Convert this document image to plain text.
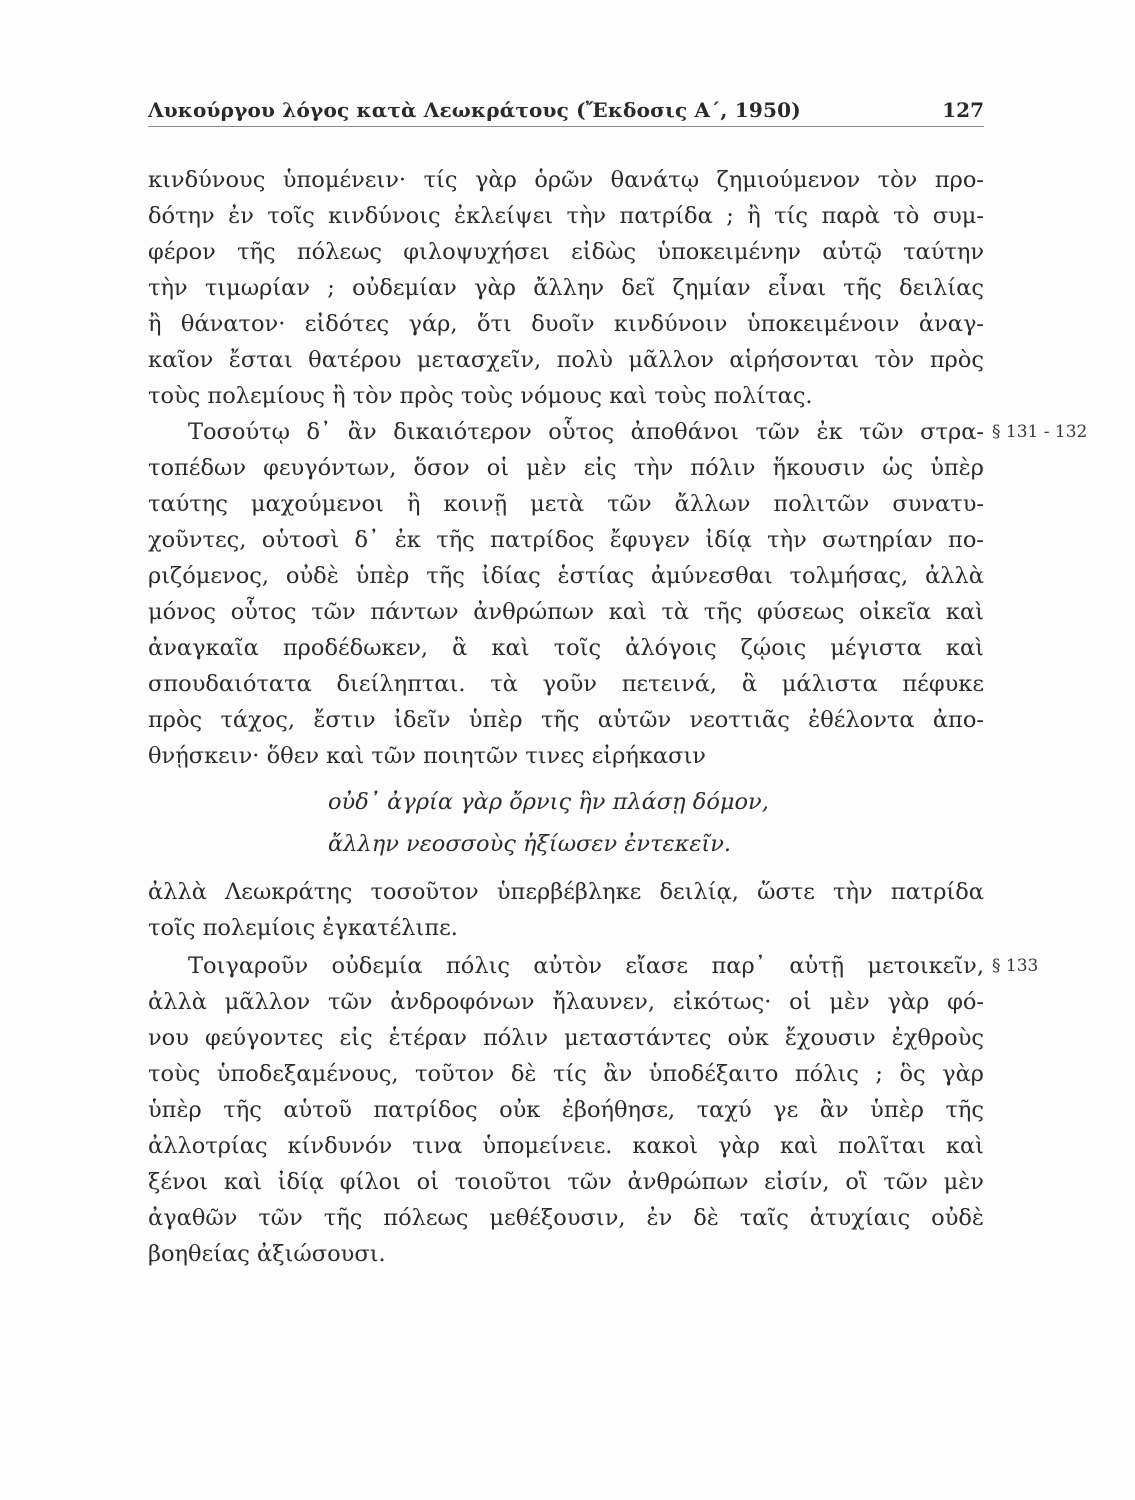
Λυκούργου λόγος κατὰ Λεωκράτους (Ἔκδοσις Α΄, 1950)	127
κινδύνους ὑπομένειν· τίς γὰρ ὁρῶν θανάτῳ ζημιούμενον τὸν προ-
δότην ἐν τοῖς κινδύνοις ἐκλείψει τὴν πατρίδα ; ἢ τίς παρὰ τὸ συμ-
φέρον τῆς πόλεως φιλοψυχήσει εἰδὼς ὑποκειμένην αὑτῷ ταύτην
τὴν τιμωρίαν ; οὐδεμίαν γὰρ ἄλλην δεῖ ζημίαν εἶναι τῆς δειλίας
ἢ θάνατον· εἰδότες γάρ, ὅτι δυοῖν κινδύνοιν ὑποκειμένοιν ἀναγ-
καῖον ἔσται θατέρου μετασχεῖν, πολὺ μᾶλλον αἱρήσονται τὸν πρὸς
τοὺς πολεμίους ἢ τὸν πρὸς τοὺς νόμους καὶ τοὺς πολίτας.
Τοσούτῳ δ᾽ ἂν δικαιότερον οὗτος ἀποθάνοι τῶν ἐκ τῶν στρα- § 131 - 132
τοπέδων φευγόντων, ὅσον οἱ μὲν εἰς τὴν πόλιν ἥκουσιν ὡς ὑπὲρ
ταύτης μαχούμενοι ἢ κοινῇ μετὰ τῶν ἄλλων πολιτῶν συνατυ-
χοῦντες, οὑτοσὶ δ᾽ ἐκ τῆς πατρίδος ἔφυγεν ἰδίᾳ τὴν σωτηρίαν πο-
ριζόμενος, οὐδὲ ὑπὲρ τῆς ἰδίας ἑστίας ἀμύνεσθαι τολμήσας, ἀλλὰ
μόνος οὗτος τῶν πάντων ἀνθρώπων καὶ τὰ τῆς φύσεως οἰκεῖα καὶ
ἀναγκαῖα προδέδωκεν, ἃ καὶ τοῖς ἀλόγοις ζῴοις μέγιστα καὶ
σπουδαιότατα διείληπται. τὰ γοῦν πετεινά, ἃ μάλιστα πέφυκε
πρὸς τάχος, ἔστιν ἰδεῖν ὑπὲρ τῆς αὑτῶν νεοττιᾶς ἐθέλοντα ἀπο-
θνῄσκειν· ὅθεν καὶ τῶν ποιητῶν τινες εἰρήκασιν
οὐδ᾽ ἀγρία γὰρ ὄρνις ἣν πλάσῃ δόμον,
ἄλλην νεοσσοὺς ἠξίωσεν ἐντεκεῖν.
ἀλλὰ Λεωκράτης τοσοῦτον ὑπερβέβληκε δειλίᾳ, ὥστε τὴν πατρίδα
τοῖς πολεμίοις ἐγκατέλιπε.
Τοιγαροῦν οὐδεμία πόλις αὐτὸν εἴασε παρ᾽ αὑτῇ μετοικεῖν, § 133
ἀλλὰ μᾶλλον τῶν ἀνδροφόνων ἤλαυνεν, εἰκότως· οἱ μὲν γὰρ φό-
νου φεύγοντες εἰς ἑτέραν πόλιν μεταστάντες οὐκ ἔχουσιν ἐχθροὺς
τοὺς ὑποδεξαμένους, τοῦτον δὲ τίς ἂν ὑποδέξαιτο πόλις ; ὃς γὰρ
ὑπὲρ τῆς αὑτοῦ πατρίδος οὐκ ἐβοήθησε, ταχύ γε ἂν ὑπὲρ τῆς
ἀλλοτρίας κίνδυνόν τινα ὑπομείνειε. κακοὶ γὰρ καὶ πολῖται καὶ
ξένοι καὶ ἰδίᾳ φίλοι οἱ τοιοῦτοι τῶν ἀνθρώπων εἰσίν, οἳ τῶν μὲν
ἀγαθῶν τῶν τῆς πόλεως μεθέξουσιν, ἐν δὲ ταῖς ἀτυχίαις οὐδὲ
βοηθείας ἀξιώσουσι.
